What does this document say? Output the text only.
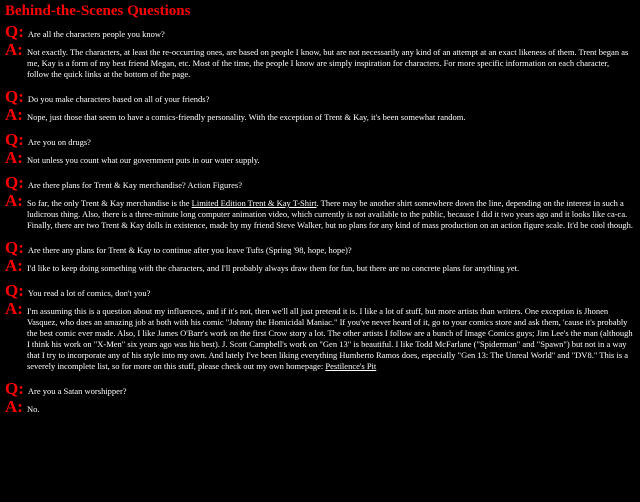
Behind-the-Scenes Questions

Q: Are all the characters people you know?

A: Not exactly. The characters, at least the re-occurring ones, are based on people I know, but are not necessarily any kind of an attempt at an exact likeness of them. Trent began as me, Kay is a form of my best friend Megan, etc. Most of the time, the people I know are simply inspiration for characters. For more specific information on each character, follow the quick links at the bottom of the page.

Q: Do you make characters based on all of your friends?

A: Nope, just those that seem to have a comics-friendly personality. With the exception of Trent & Kay, it's been somewhat random.

Q: Are you on drugs?

A: Not unless you count what our government puts in our water supply.

Q: Are there plans for Trent & Kay merchandise? Action Figures?

A: So far, the only Trent & Kay merchandise is the Limited Edition Trent & Kay T-Shirt. There may be another shirt somewhere down the line, depending on the interest in such a ludicrous thing. Also, there is a three-minute long computer animation video, which currently is not available to the public, because I did it two years ago and it looks like ca-ca. Finally, there are two Trent & Kay dolls in existence, made by my friend Steve Walker, but no plans for any kind of mass production on an action figure scale. It'd be cool though.

Q: Are there any plans for Trent & Kay to continue after you leave Tufts (Spring '98, hope, hope)?

A: I'd like to keep doing something with the characters, and I'll probably always draw them for fun, but there are no concrete plans for anything yet.

Q: You read a lot of comics, don't you?

A: I'm assuming this is a question about my influences, and if it's not, then we'll all just pretend it is. I like a lot of stuff, but more artists than writers. One exception is Jhonen Vasquez, who does an amazing job at both with his comic "Johnny the Homicidal Maniac." If you've never heard of it, go to your comics store and ask them, 'cause it's probably the best comic ever made. Also, I like James O'Barr's work on the first Crow story a lot. The other artists I follow are a bunch of Image Comics guys; Jim Lee's the man (although I think his work on "X-Men" six years ago was his best). J. Scott Campbell's work on "Gen 13" is beautiful. I like Todd McFarlane ("Spiderman" and "Spawn") but not in a way that I try to incorporate any of his style into my own. And lately I've been liking everything Humberto Ramos does, especially "Gen 13: The Unreal World" and "DV8." This is a severely incomplete list, so for more on this stuff, please check out my own homepage: Pestilence's Pit

Q: Are you a Satan worshipper?

A: No.
